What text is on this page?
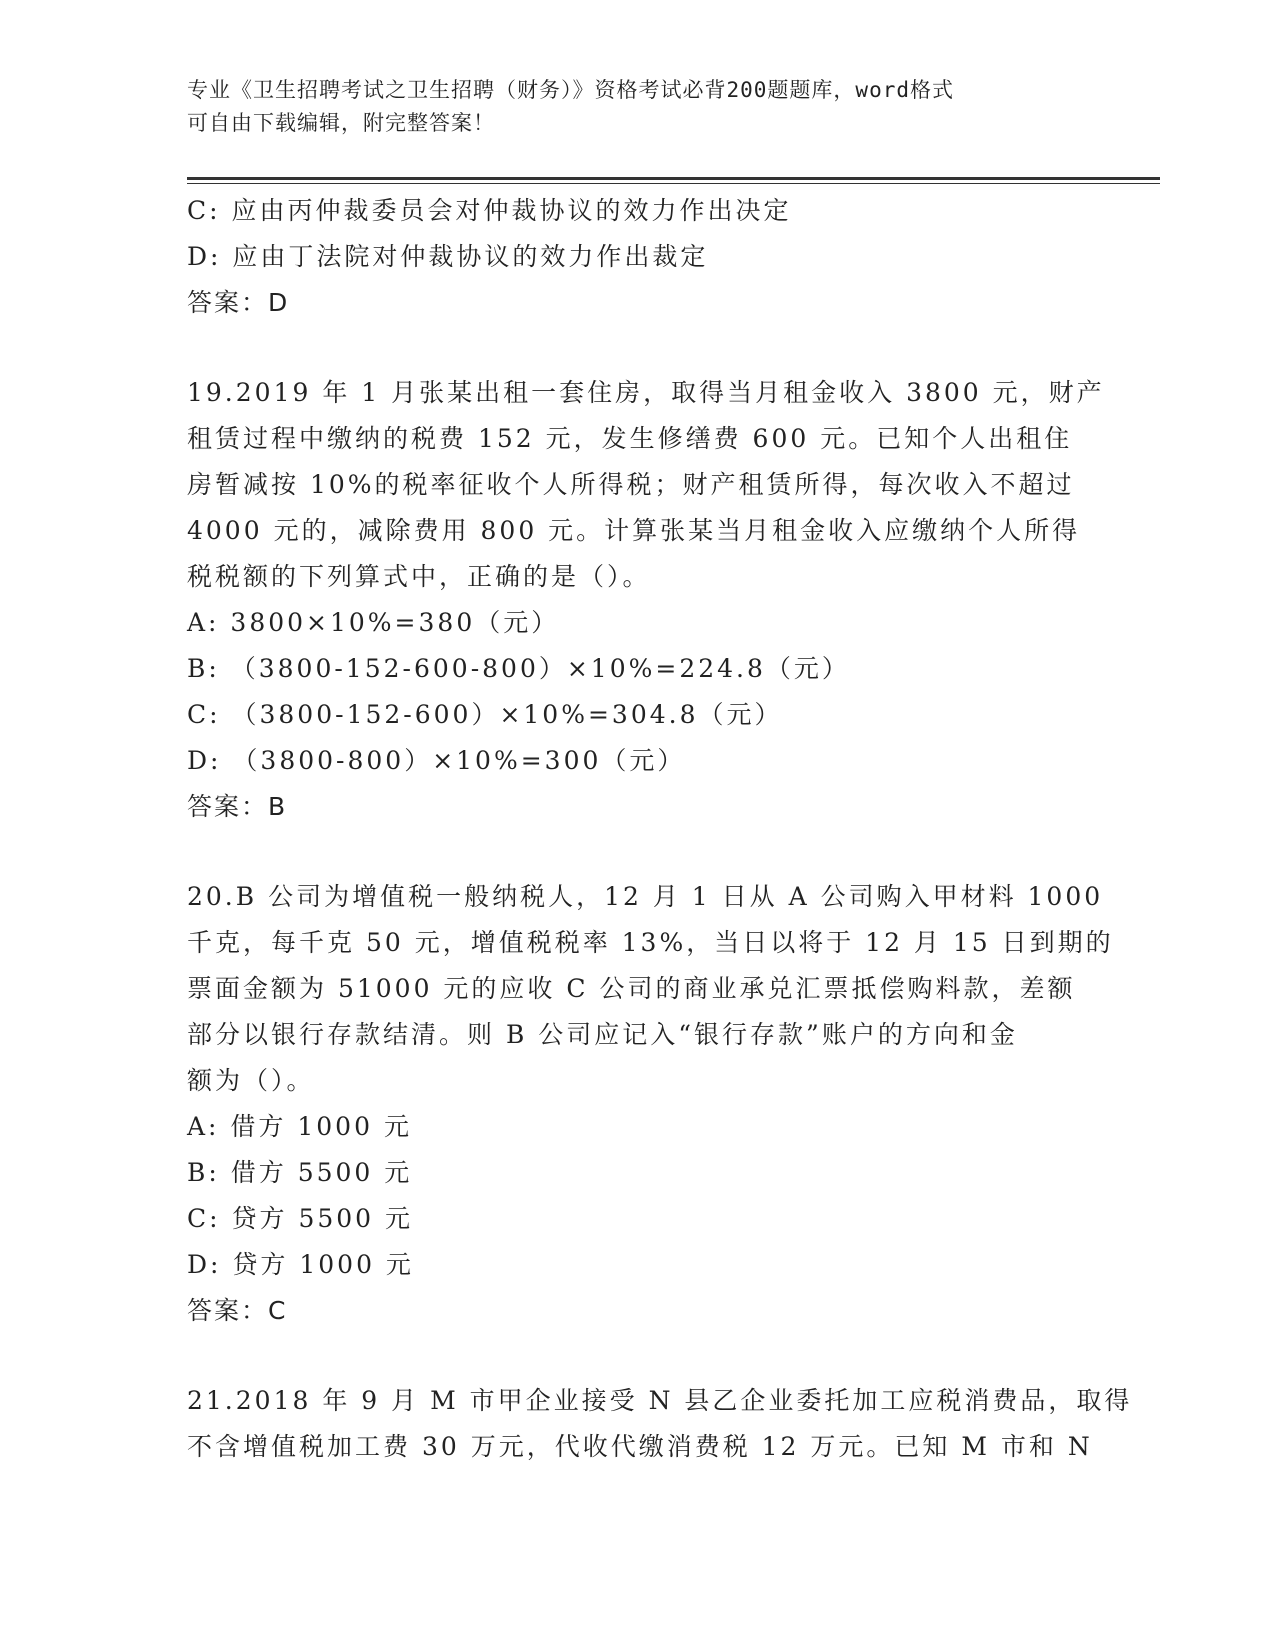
专业《卫生招聘考试之卫生招聘（财务）》资格考试必背200题题库，word格式
可自由下载编辑，附完整答案！
C: 应由丙仲裁委员会对仲裁协议的效力作出决定
D: 应由丁法院对仲裁协议的效力作出裁定
答案：D
19.2019 年 1 月张某出租一套住房，取得当月租金收入 3800 元，财产
租赁过程中缴纳的税费 152 元，发生修缮费 600 元。已知个人出租住
房暂减按 10%的税率征收个人所得税；财产租赁所得，每次收入不超过
4000 元的，减除费用 800 元。计算张某当月租金收入应缴纳个人所得
税税额的下列算式中，正确的是（）。
A: 3800×10%=380（元）
B: （3800-152-600-800）×10%=224.8（元）
C: （3800-152-600）×10%=304.8（元）
D: （3800-800）×10%=300（元）
答案：B
20.B 公司为增值税一般纳税人，12 月 1 日从 A 公司购入甲材料 1000
千克，每千克 50 元，增值税税率 13%，当日以将于 12 月 15 日到期的
票面金额为 51000 元的应收 C 公司的商业承兑汇票抵偿购料款，差额
部分以银行存款结清。则 B 公司应记入“银行存款”账户的方向和金
额为（）。
A: 借方 1000 元
B: 借方 5500 元
C: 贷方 5500 元
D: 贷方 1000 元
答案：C
21.2018 年 9 月 M 市甲企业接受 N 县乙企业委托加工应税消费品，取得
不含增值税加工费 30 万元，代收代缴消费税 12 万元。已知 M 市和 N
